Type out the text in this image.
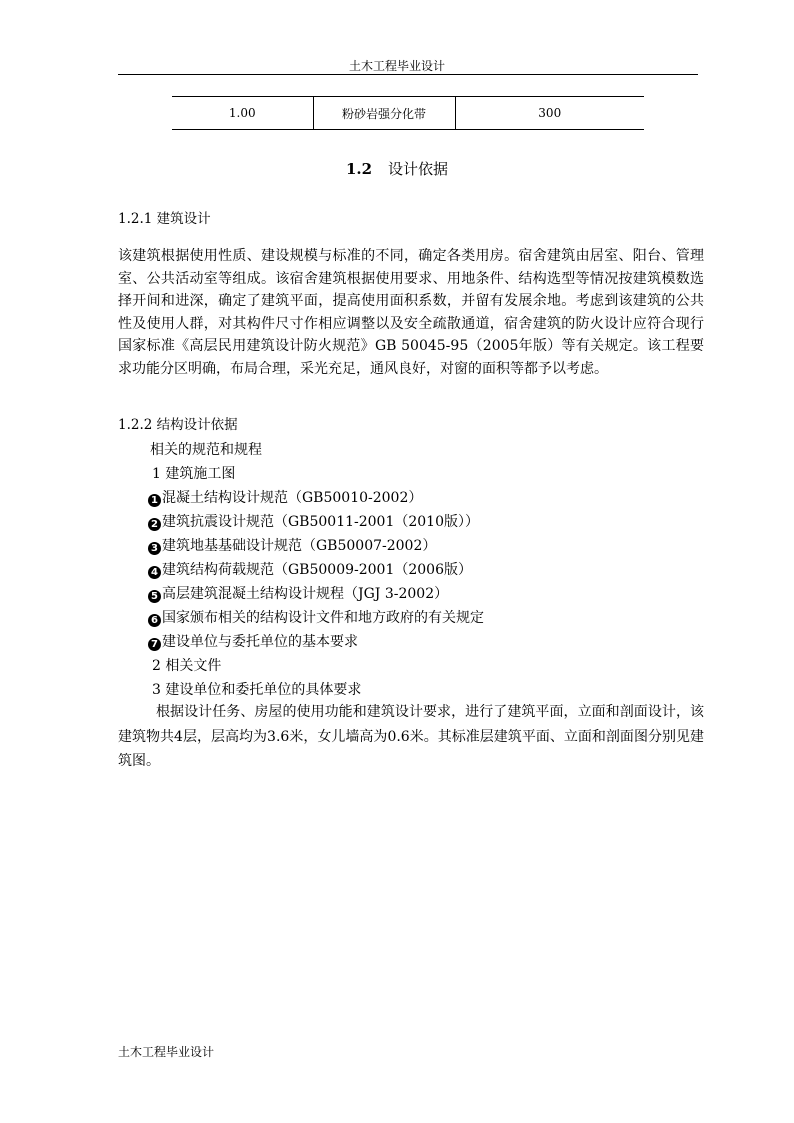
土木工程毕业设计
1.00	粉砂岩强分化带	300
1.2 设计依据
1.2.1 建筑设计

该建筑根据使用性质、建设规模与标准的不同，确定各类用房。宿舍建筑由居室、阳台、管理室、公共活动室等组成。该宿舍建筑根据使用要求、用地条件、结构选型等情况按建筑模数选择开间和进深，确定了建筑平面，提高使用面积系数，并留有发展余地。考虑到该建筑的公共性及使用人群，对其构件尺寸作相应调整以及安全疏散通道，宿舍建筑的防火设计应符合现行国家标准《高层民用建筑设计防火规范》GB 50045-95（2005年版）等有关规定。该工程要求功能分区明确，布局合理，采光充足，通风良好，对窗的面积等都予以考虑。

1.2.2 结构设计依据
相关的规范和规程
1 建筑施工图
1 混凝土结构设计规范（GB50010-2002）
2 建筑抗震设计规范（GB50011-2001（2010版））
3 建筑地基基础设计规范（GB50007-2002）
4 建筑结构荷载规范（GB50009-2001（2006版）
5 高层建筑混凝土结构设计规程（JGJ 3-2002）
6 国家颁布相关的结构设计文件和地方政府的有关规定
7 建设单位与委托单位的基本要求
2 相关文件
3 建设单位和委托单位的具体要求

根据设计任务、房屋的使用功能和建筑设计要求，进行了建筑平面，立面和剖面设计，该建筑物共4层，层高均为3.6米，女儿墙高为0.6米。其标准层建筑平面、立面和剖面图分别见建筑图。

土木工程毕业设计
